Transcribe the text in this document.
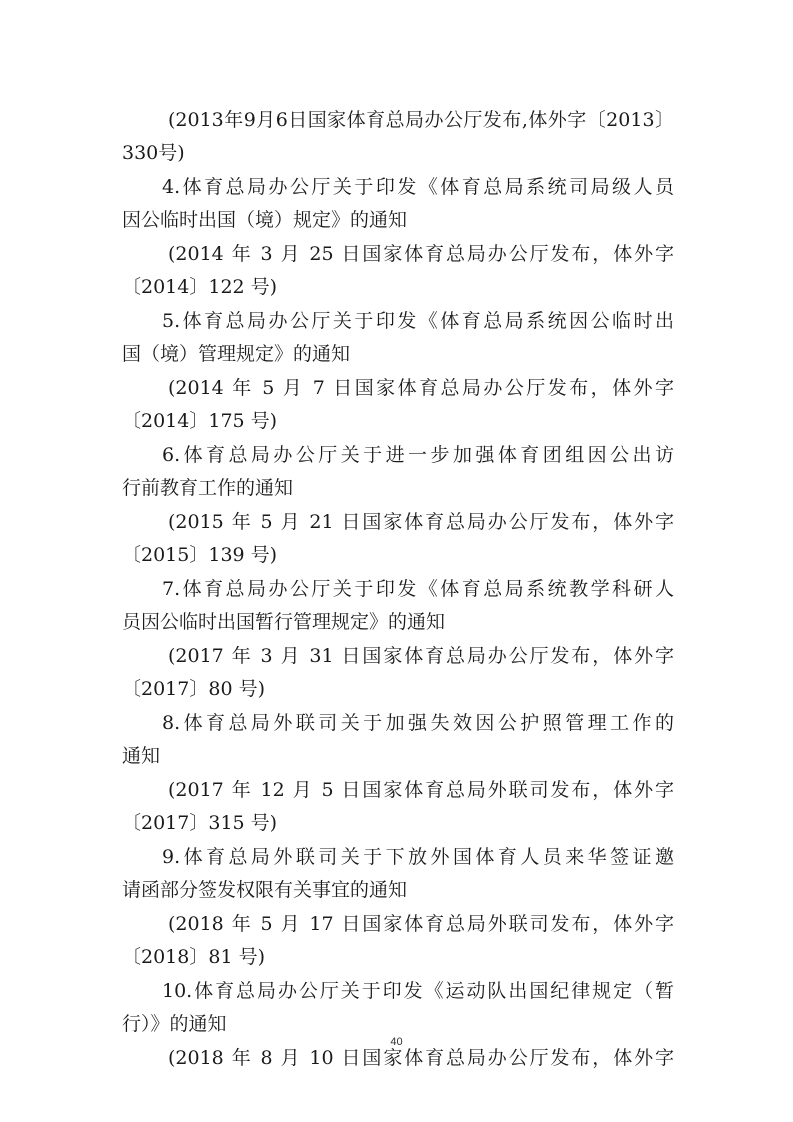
(2013年9月6日国家体育总局办公厅发布,体外字〔2013〕
330号)
4.体育总局办公厅关于印发《体育总局系统司局级人员
因公临时出国（境）规定》的通知
(2014 年 3 月 25 日国家体育总局办公厅发布，体外字
〔2014〕122 号)
5.体育总局办公厅关于印发《体育总局系统因公临时出
国（境）管理规定》的通知
(2014 年 5 月 7 日国家体育总局办公厅发布，体外字
〔2014〕175 号)
6.体育总局办公厅关于进一步加强体育团组因公出访
行前教育工作的通知
(2015 年 5 月 21 日国家体育总局办公厅发布，体外字
〔2015〕139 号)
7.体育总局办公厅关于印发《体育总局系统教学科研人
员因公临时出国暂行管理规定》的通知
(2017 年 3 月 31 日国家体育总局办公厅发布，体外字
〔2017〕80 号)
8.体育总局外联司关于加强失效因公护照管理工作的
通知
(2017 年 12 月 5 日国家体育总局外联司发布，体外字
〔2017〕315 号)
9.体育总局外联司关于下放外国体育人员来华签证邀
请函部分签发权限有关事宜的通知
(2018 年 5 月 17 日国家体育总局外联司发布，体外字
〔2018〕81 号)
10.体育总局办公厅关于印发《运动队出国纪律规定（暂
行）》的通知
(2018 年 8 月 10 日国家体育总局办公厅发布，体外字
40
